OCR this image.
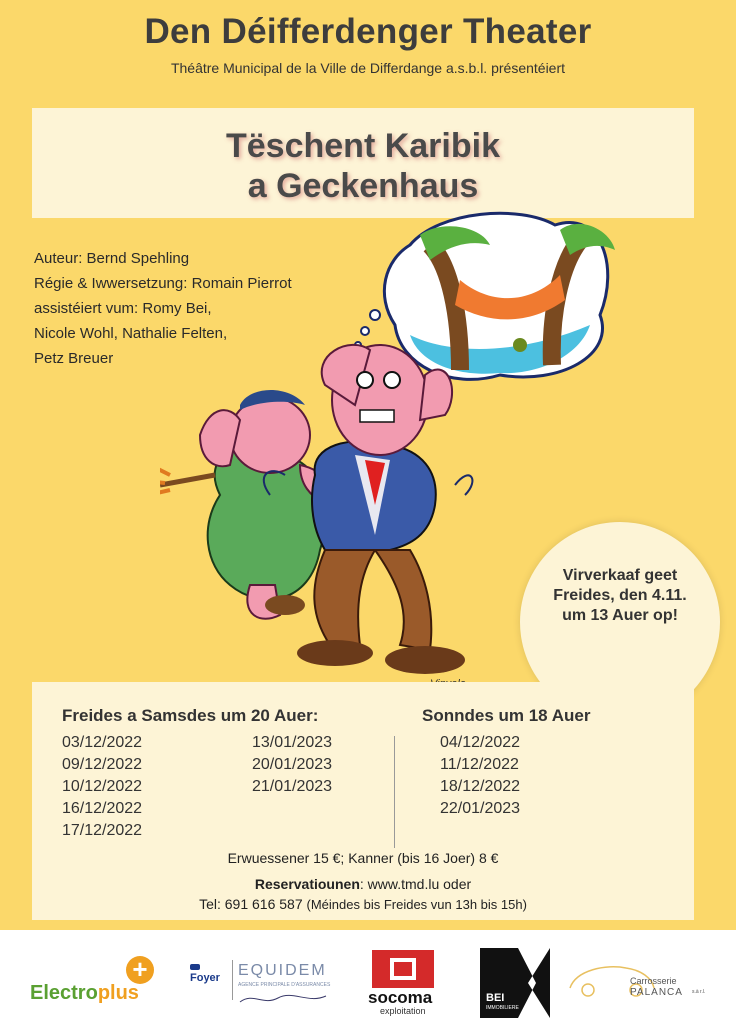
Den Déifferdenger Theater
Théâtre Municipal de la Ville de Differdange a.s.b.l. présentéiert
Tëschent Karibik
a Geckenhaus
Auteur: Bernd Spehling
Régie & Iwwersetzung: Romain Pierrot
assistéiert vum: Romy Bei,
Nicole Wohl, Nathalie Felten,
Petz Breuer
Virverkaaf geet
Freides, den 4.11.
um 13 Auer op!
Freides a Samsdes um 20 Auer:	Sonndes um 18 Auer
03/12/2022
09/12/2022
10/12/2022
16/12/2022
17/12/2022
13/01/2023
20/01/2023
21/01/2023
04/12/2022
11/12/2022
18/12/2022
22/01/2023
Erwuessener 15 €; Kanner (bis 16 Joer) 8 €
Reservatiounen: www.tmd.lu oder
Tel: 691 616 587 (Méindes bis Freides vun 13h bis 15h)
+
Electroplus
Foyer EQUIDEM
AGENCE PRINCIPALE D'ASSURANCES
socoma
exploitation
BEI
IMMOBILIERE
Carrosserie
PALANCA s.à r.l.
